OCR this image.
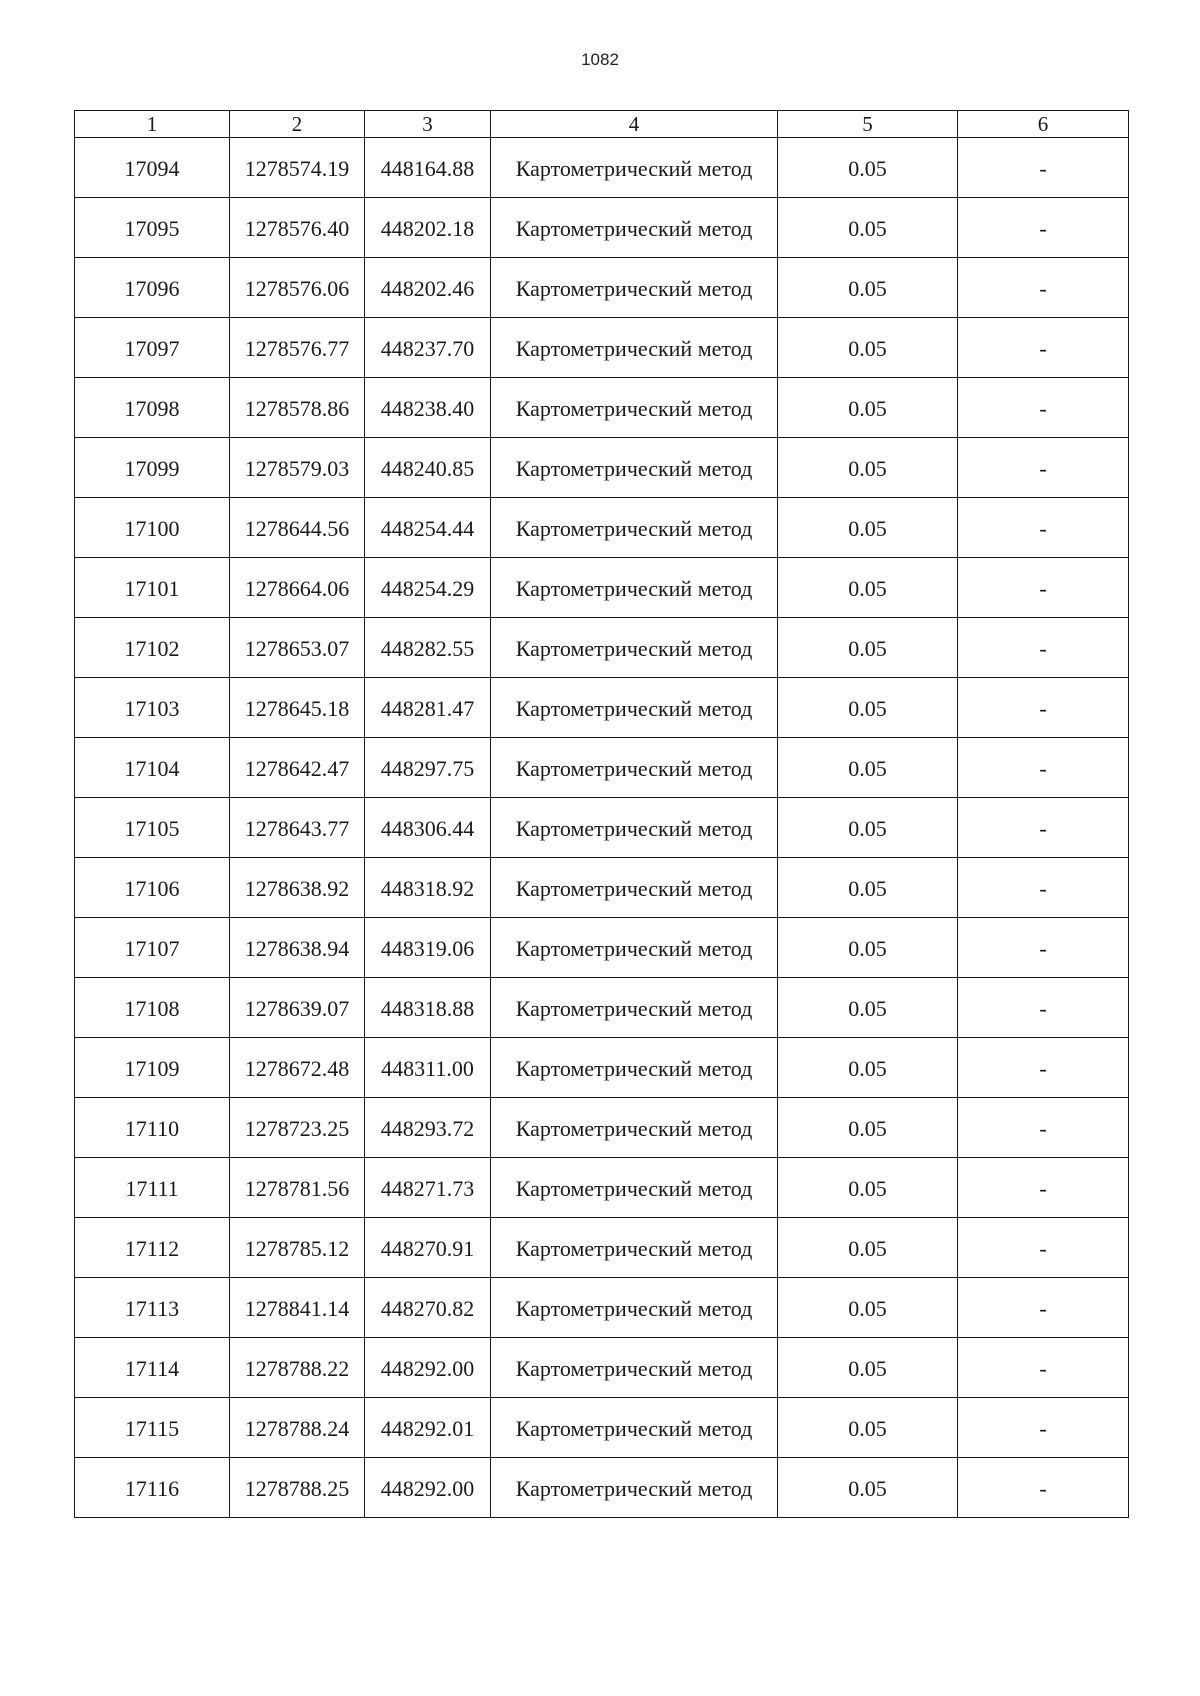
1082
1	2	3	4	5	6
17094	1278574.19	448164.88	Картометрический метод	0.05	-
17095	1278576.40	448202.18	Картометрический метод	0.05	-
17096	1278576.06	448202.46	Картометрический метод	0.05	-
17097	1278576.77	448237.70	Картометрический метод	0.05	-
17098	1278578.86	448238.40	Картометрический метод	0.05	-
17099	1278579.03	448240.85	Картометрический метод	0.05	-
17100	1278644.56	448254.44	Картометрический метод	0.05	-
17101	1278664.06	448254.29	Картометрический метод	0.05	-
17102	1278653.07	448282.55	Картометрический метод	0.05	-
17103	1278645.18	448281.47	Картометрический метод	0.05	-
17104	1278642.47	448297.75	Картометрический метод	0.05	-
17105	1278643.77	448306.44	Картометрический метод	0.05	-
17106	1278638.92	448318.92	Картометрический метод	0.05	-
17107	1278638.94	448319.06	Картометрический метод	0.05	-
17108	1278639.07	448318.88	Картометрический метод	0.05	-
17109	1278672.48	448311.00	Картометрический метод	0.05	-
17110	1278723.25	448293.72	Картометрический метод	0.05	-
17111	1278781.56	448271.73	Картометрический метод	0.05	-
17112	1278785.12	448270.91	Картометрический метод	0.05	-
17113	1278841.14	448270.82	Картометрический метод	0.05	-
17114	1278788.22	448292.00	Картометрический метод	0.05	-
17115	1278788.24	448292.01	Картометрический метод	0.05	-
17116	1278788.25	448292.00	Картометрический метод	0.05	-
